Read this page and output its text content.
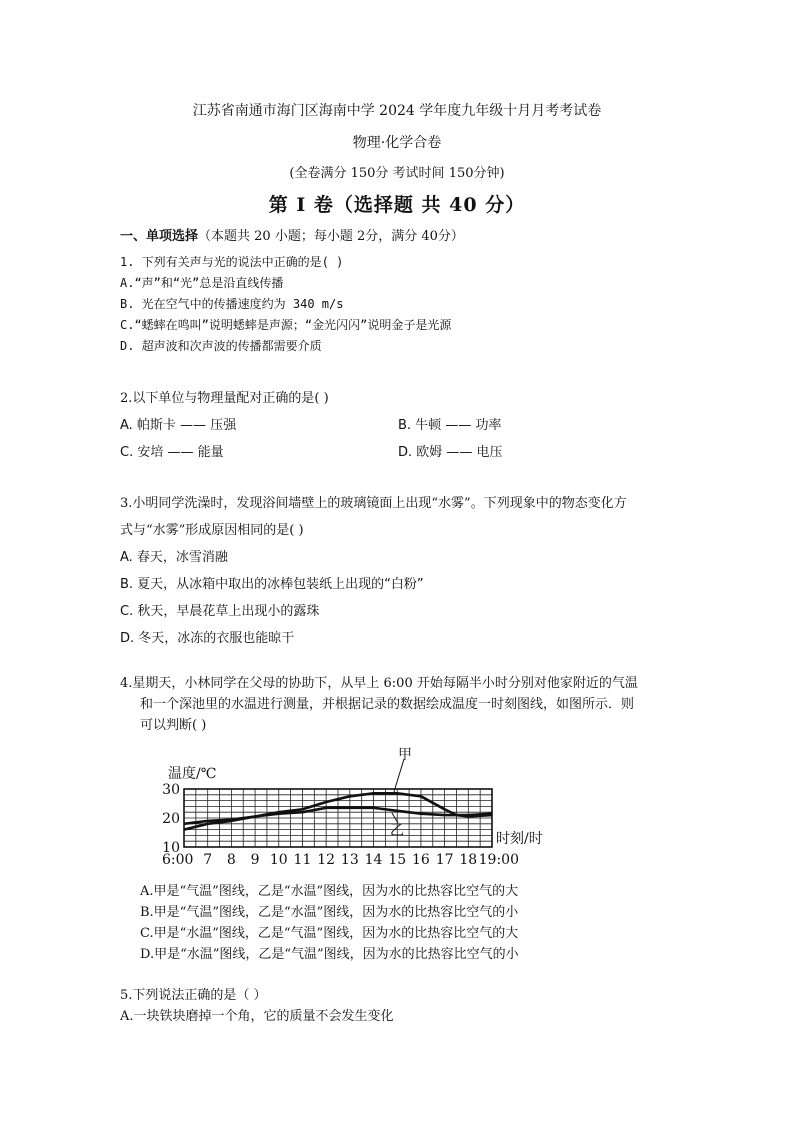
江苏省南通市海门区海南中学 2024 学年度九年级十月月考考试卷
物理·化学合卷
(全卷满分 150分 考试时间 150分钟)
第 I 卷（选择题 共 40 分）
一、单项选择（本题共 20 小题；每小题 2分，满分 40分）
1. 下列有关声与光的说法中正确的是( )
A.“声”和“光”总是沿直线传播
B. 光在空气中的传播速度约为 340 m/s
C.“蟋蟀在鸣叫”说明蟋蟀是声源；“金光闪闪”说明金子是光源
D. 超声波和次声波的传播都需要介质
2.以下单位与物理量配对正确的是( )
A. 帕斯卡 —— 压强	B. 牛顿 —— 功率
C. 安培 —— 能量	D. 欧姆 —— 电压
3.小明同学洗澡时，发现浴间墙壁上的玻璃镜面上出现“水雾”。下列现象中的物态变化方
式与“水雾”形成原因相同的是( )
A. 春天，冰雪消融
B. 夏天，从冰箱中取出的冰棒包装纸上出现的“白粉”
C. 秋天，早晨花草上出现小的露珠
D. 冬天，冰冻的衣服也能晾干
4.星期天，小林同学在父母的协助下，从早上 6:00 开始每隔半小时分别对他家附近的气温
和一个深池里的水温进行测量，并根据记录的数据绘成温度一时刻图线，如图所示．则
可以判断( )
30
20
10
6:00 7 8 9 10 11 12 13 14 15 16 17 18 19:00
温度/℃
时刻/时
甲
乙
A.甲是“气温”图线，乙是“水温”图线，因为水的比热容比空气的大
B.甲是“气温”图线，乙是“水温”图线，因为水的比热容比空气的小
C.甲是“水温”图线，乙是“气温”图线，因为水的比热容比空气的大
D.甲是“水温”图线，乙是“气温”图线，因为水的比热容比空气的小
5.下列说法正确的是（ ）
A.一块铁块磨掉一个角，它的质量不会发生变化
